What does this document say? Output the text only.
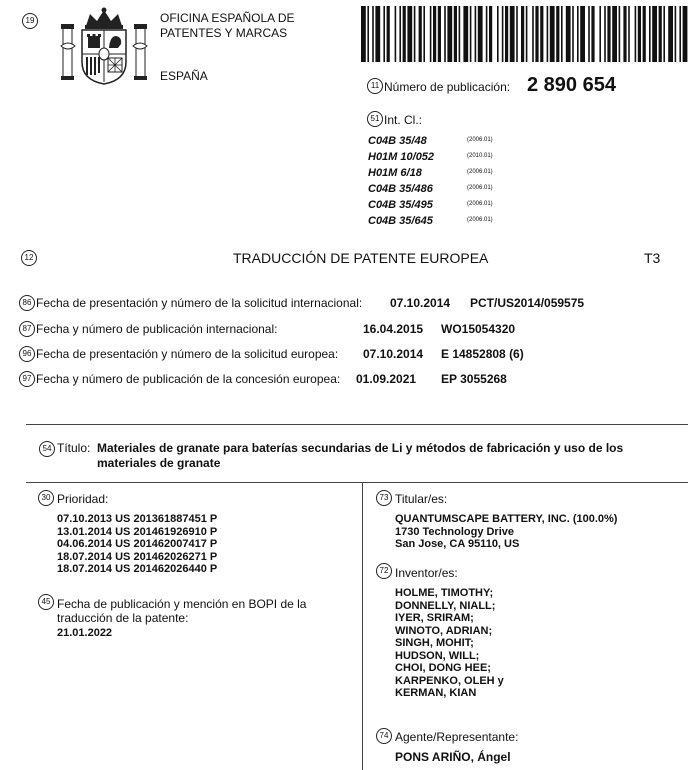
19	OFICINA ESPAÑOLA DE
PATENTES Y MARCAS
ESPAÑA
11 Número de publicación: 2 890 654
51 Int. Cl.:
C04B 35/48	(2006.01)
H01M 10/052	(2010.01)
H01M 6/18	(2006.01)
C04B 35/486	(2006.01)
C04B 35/495	(2006.01)
C04B 35/645	(2006.01)
12	TRADUCCIÓN DE PATENTE EUROPEA	T3
86 Fecha de presentación y número de la solicitud internacional: 07.10.2014 PCT/US2014/059575
87 Fecha y número de publicación internacional:	16.04.2015 WO15054320
96 Fecha de presentación y número de la solicitud europea: 07.10.2014 E 14852808 (6)
97 Fecha y número de publicación de la concesión europea: 01.09.2021 EP 3055268
54 Título: Materiales de granate para baterías secundarias de Li y métodos de fabricación y uso de los
materiales de granate
30 Prioridad:
07.10.2013 US 201361887451 P
13.01.2014 US 201461926910 P
04.06.2014 US 201462007417 P
18.07.2014 US 201462026271 P
18.07.2014 US 201462026440 P
45 Fecha de publicación y mención en BOPI de la
traducción de la patente:
21.01.2022
73 Titular/es:
QUANTUMSCAPE BATTERY, INC. (100.0%)
1730 Technology Drive
San Jose, CA 95110, US
72 Inventor/es:
HOLME, TIMOTHY;
DONNELLY, NIALL;
IYER, SRIRAM;
WINOTO, ADRIAN;
SINGH, MOHIT;
HUDSON, WILL;
CHOI, DONG HEE;
KARPENKO, OLEH y
KERMAN, KIAN
74 Agente/Representante:
PONS ARIÑO, Ángel
